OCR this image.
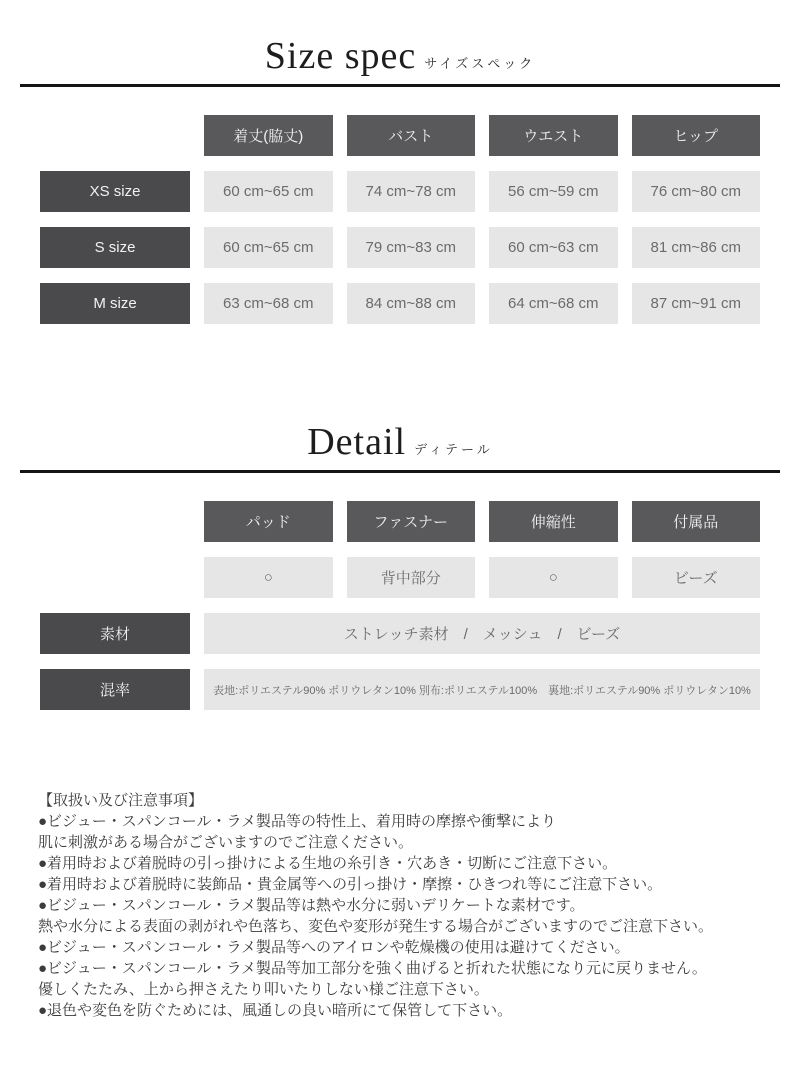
Size spec サイズスペック
着丈(脇丈)	バスト	ウエスト	ヒップ
XS size	60 cm~65 cm	74 cm~78 cm	56 cm~59 cm	76 cm~80 cm
S size	60 cm~65 cm	79 cm~83 cm	60 cm~63 cm	81 cm~86 cm
M size	63 cm~68 cm	84 cm~88 cm	64 cm~68 cm	87 cm~91 cm
Detail ディテール
パッド	ファスナー	伸縮性	付属品
○	背中部分	○	ビーズ
素材	ストレッチ素材　/　メッシュ　/　ビーズ
混率	表地:ポリエステル90% ポリウレタン10% 別布:ポリエステル100%　裏地:ポリエステル90% ポリウレタン10%
【取扱い及び注意事項】
●ビジュー・スパンコール・ラメ製品等の特性上、着用時の摩擦や衝撃により
肌に刺激がある場合がございますのでご注意ください。
●着用時および着脱時の引っ掛けによる生地の糸引き・穴あき・切断にご注意下さい。
●着用時および着脱時に装飾品・貴金属等への引っ掛け・摩擦・ひきつれ等にご注意下さい。
●ビジュー・スパンコール・ラメ製品等は熱や水分に弱いデリケートな素材です。
熱や水分による表面の剥がれや色落ち、変色や変形が発生する場合がございますのでご注意下さい。
●ビジュー・スパンコール・ラメ製品等へのアイロンや乾燥機の使用は避けてください。
●ビジュー・スパンコール・ラメ製品等加工部分を強く曲げると折れた状態になり元に戻りません。
優しくたたみ、上から押さえたり叩いたりしない様ご注意下さい。
●退色や変色を防ぐためには、風通しの良い暗所にて保管して下さい。
